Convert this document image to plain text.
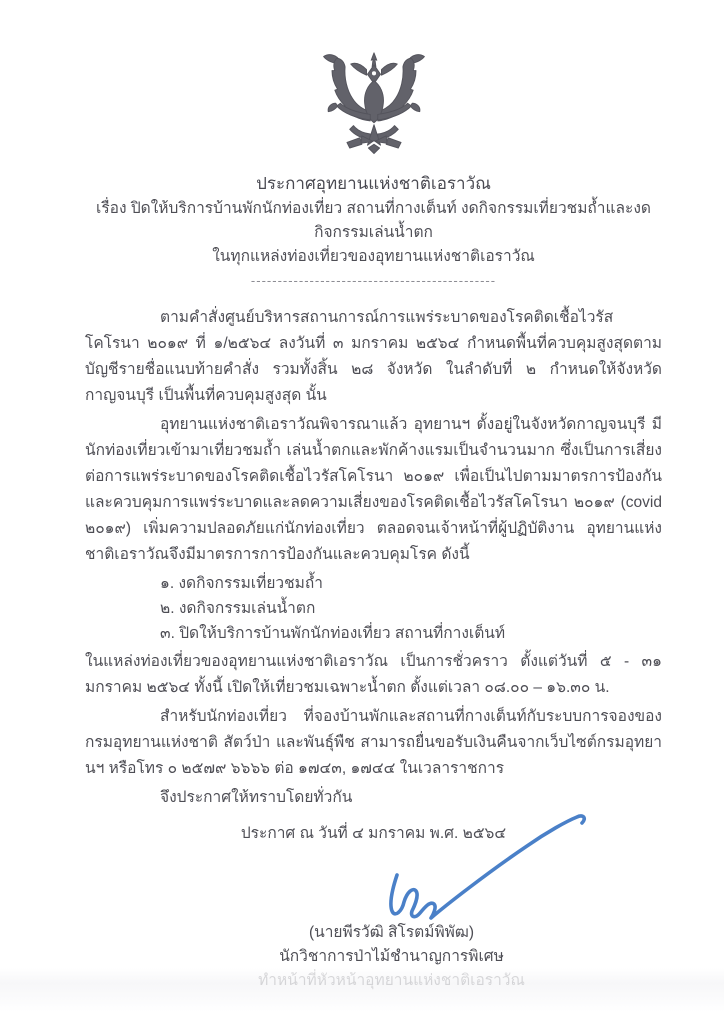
ประกาศอุทยานแห่งชาติเอราวัณ
เรื่อง ปิดให้บริการบ้านพักนักท่องเที่ยว สถานที่กางเต็นท์ งดกิจกรรมเที่ยวชมถ้ำและงดกิจกรรมเล่นน้ำตก
ในทุกแหล่งท่องเที่ยวของอุทยานแห่งชาติเอราวัณ
----------------------------------------------

ตามคำสั่งศูนย์บริหารสถานการณ์การแพร่ระบาดของโรคติดเชื้อไวรัสโคโรนา ๒๐๑๙ ที่ ๑/๒๕๖๔ ลงวันที่ ๓ มกราคม ๒๕๖๔ กำหนดพื้นที่ควบคุมสูงสุดตามบัญชีรายชื่อแนบท้ายคำสั่ง รวมทั้งสิ้น ๒๘ จังหวัด ในลำดับที่ ๒ กำหนดให้จังหวัดกาญจนบุรี เป็นพื้นที่ควบคุมสูงสุด นั้น

อุทยานแห่งชาติเอราวัณพิจารณาแล้ว อุทยานฯ ตั้งอยู่ในจังหวัดกาญจนบุรี มีนักท่องเที่ยวเข้ามาเที่ยวชมถ้ำ เล่นน้ำตกและพักค้างแรมเป็นจำนวนมาก ซึ่งเป็นการเสี่ยงต่อการแพร่ระบาดของโรคติดเชื้อไวรัสโคโรนา ๒๐๑๙ เพื่อเป็นไปตามมาตรการป้องกันและควบคุมการแพร่ระบาดและลดความเสี่ยงของโรคติดเชื้อไวรัสโคโรนา ๒๐๑๙ (covid ๒๐๑๙) เพิ่มความปลอดภัยแก่นักท่องเที่ยว ตลอดจนเจ้าหน้าที่ผู้ปฏิบัติงาน อุทยานแห่งชาติเอราวัณจึงมีมาตรการการป้องกันและควบคุมโรค ดังนี้

๑. งดกิจกรรมเที่ยวชมถ้ำ
๒. งดกิจกรรมเล่นน้ำตก
๓. ปิดให้บริการบ้านพักนักท่องเที่ยว สถานที่กางเต็นท์

ในแหล่งท่องเที่ยวของอุทยานแห่งชาติเอราวัณ เป็นการชั่วคราว ตั้งแต่วันที่ ๕ - ๓๑ มกราคม ๒๕๖๔ ทั้งนี้ เปิดให้เที่ยวชมเฉพาะน้ำตก ตั้งแต่เวลา ๐๘.๐๐ – ๑๖.๓๐ น.

สำหรับนักท่องเที่ยว ที่จองบ้านพักและสถานที่กางเต็นท์กับระบบการจองของกรมอุทยานแห่งชาติ สัตว์ป่า และพันธุ์พืช สามารถยื่นขอรับเงินคืนจากเว็บไซต์กรมอุทยานฯ หรือโทร ๐ ๒๕๗๙ ๖๖๖๖ ต่อ ๑๗๔๓, ๑๗๔๔ ในเวลาราชการ

จึงประกาศให้ทราบโดยทั่วกัน

ประกาศ ณ วันที่ ๔ มกราคม พ.ศ. ๒๕๖๔
(นายพีรวัฒิ สิโรตม์พิพัฒ)
นักวิชาการป่าไม้ชำนาญการพิเศษ
